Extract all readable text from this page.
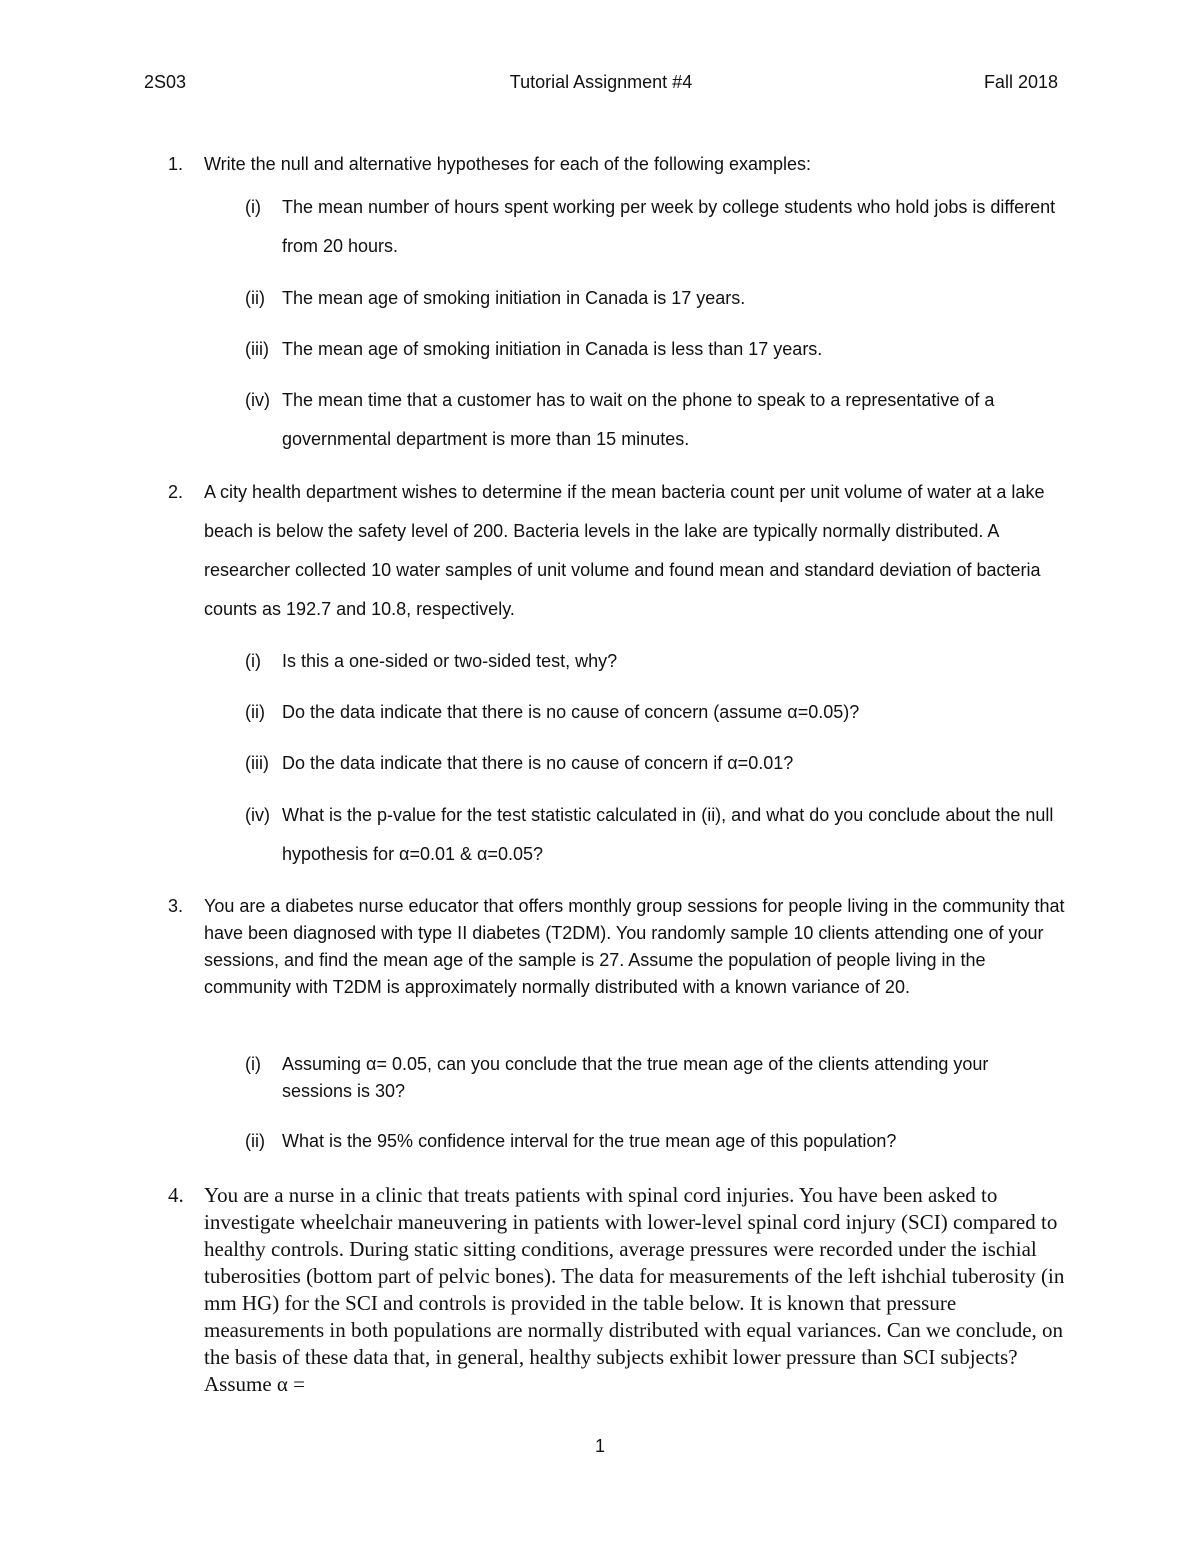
2S03	Tutorial Assignment #4	Fall 2018
1.	Write the null and alternative hypotheses for each of the following examples:
(i)	The mean number of hours spent working per week by college students who hold jobs is different from 20 hours.
(ii) The mean age of smoking initiation in Canada is 17 years.
(iii) The mean age of smoking initiation in Canada is less than 17 years.
(iv) The mean time that a customer has to wait on the phone to speak to a representative of a governmental department is more than 15 minutes.
2.	A city health department wishes to determine if the mean bacteria count per unit volume of water at a lake beach is below the safety level of 200. Bacteria levels in the lake are typically normally distributed. A researcher collected 10 water samples of unit volume and found mean and standard deviation of bacteria counts as 192.7 and 10.8, respectively.
(i)	Is this a one-sided or two-sided test, why?
(ii) Do the data indicate that there is no cause of concern (assume α=0.05)?
(iii) Do the data indicate that there is no cause of concern if α=0.01?
(iv) What is the p-value for the test statistic calculated in (ii), and what do you conclude about the null hypothesis for α=0.01 & α=0.05?
3.	You are a diabetes nurse educator that offers monthly group sessions for people living in the community that have been diagnosed with type II diabetes (T2DM). You randomly sample 10 clients attending one of your sessions, and find the mean age of the sample is 27. Assume the population of people living in the community with T2DM is approximately normally distributed with a known variance of 20.
(i)	Assuming α= 0.05, can you conclude that the true mean age of the clients attending your sessions is 30?
(ii) What is the 95% confidence interval for the true mean age of this population?
4. You are a nurse in a clinic that treats patients with spinal cord injuries. You have been asked to investigate wheelchair maneuvering in patients with lower-level spinal cord injury (SCI) compared to healthy controls. During static sitting conditions, average pressures were recorded under the ischial tuberosities (bottom part of pelvic bones). The data for measurements of the left ishchial tuberosity (in mm HG) for the SCI and controls is provided in the table below. It is known that pressure measurements in both populations are normally distributed with equal variances. Can we conclude, on the basis of these data that, in general, healthy subjects exhibit lower pressure than SCI subjects? Assume α =
1
